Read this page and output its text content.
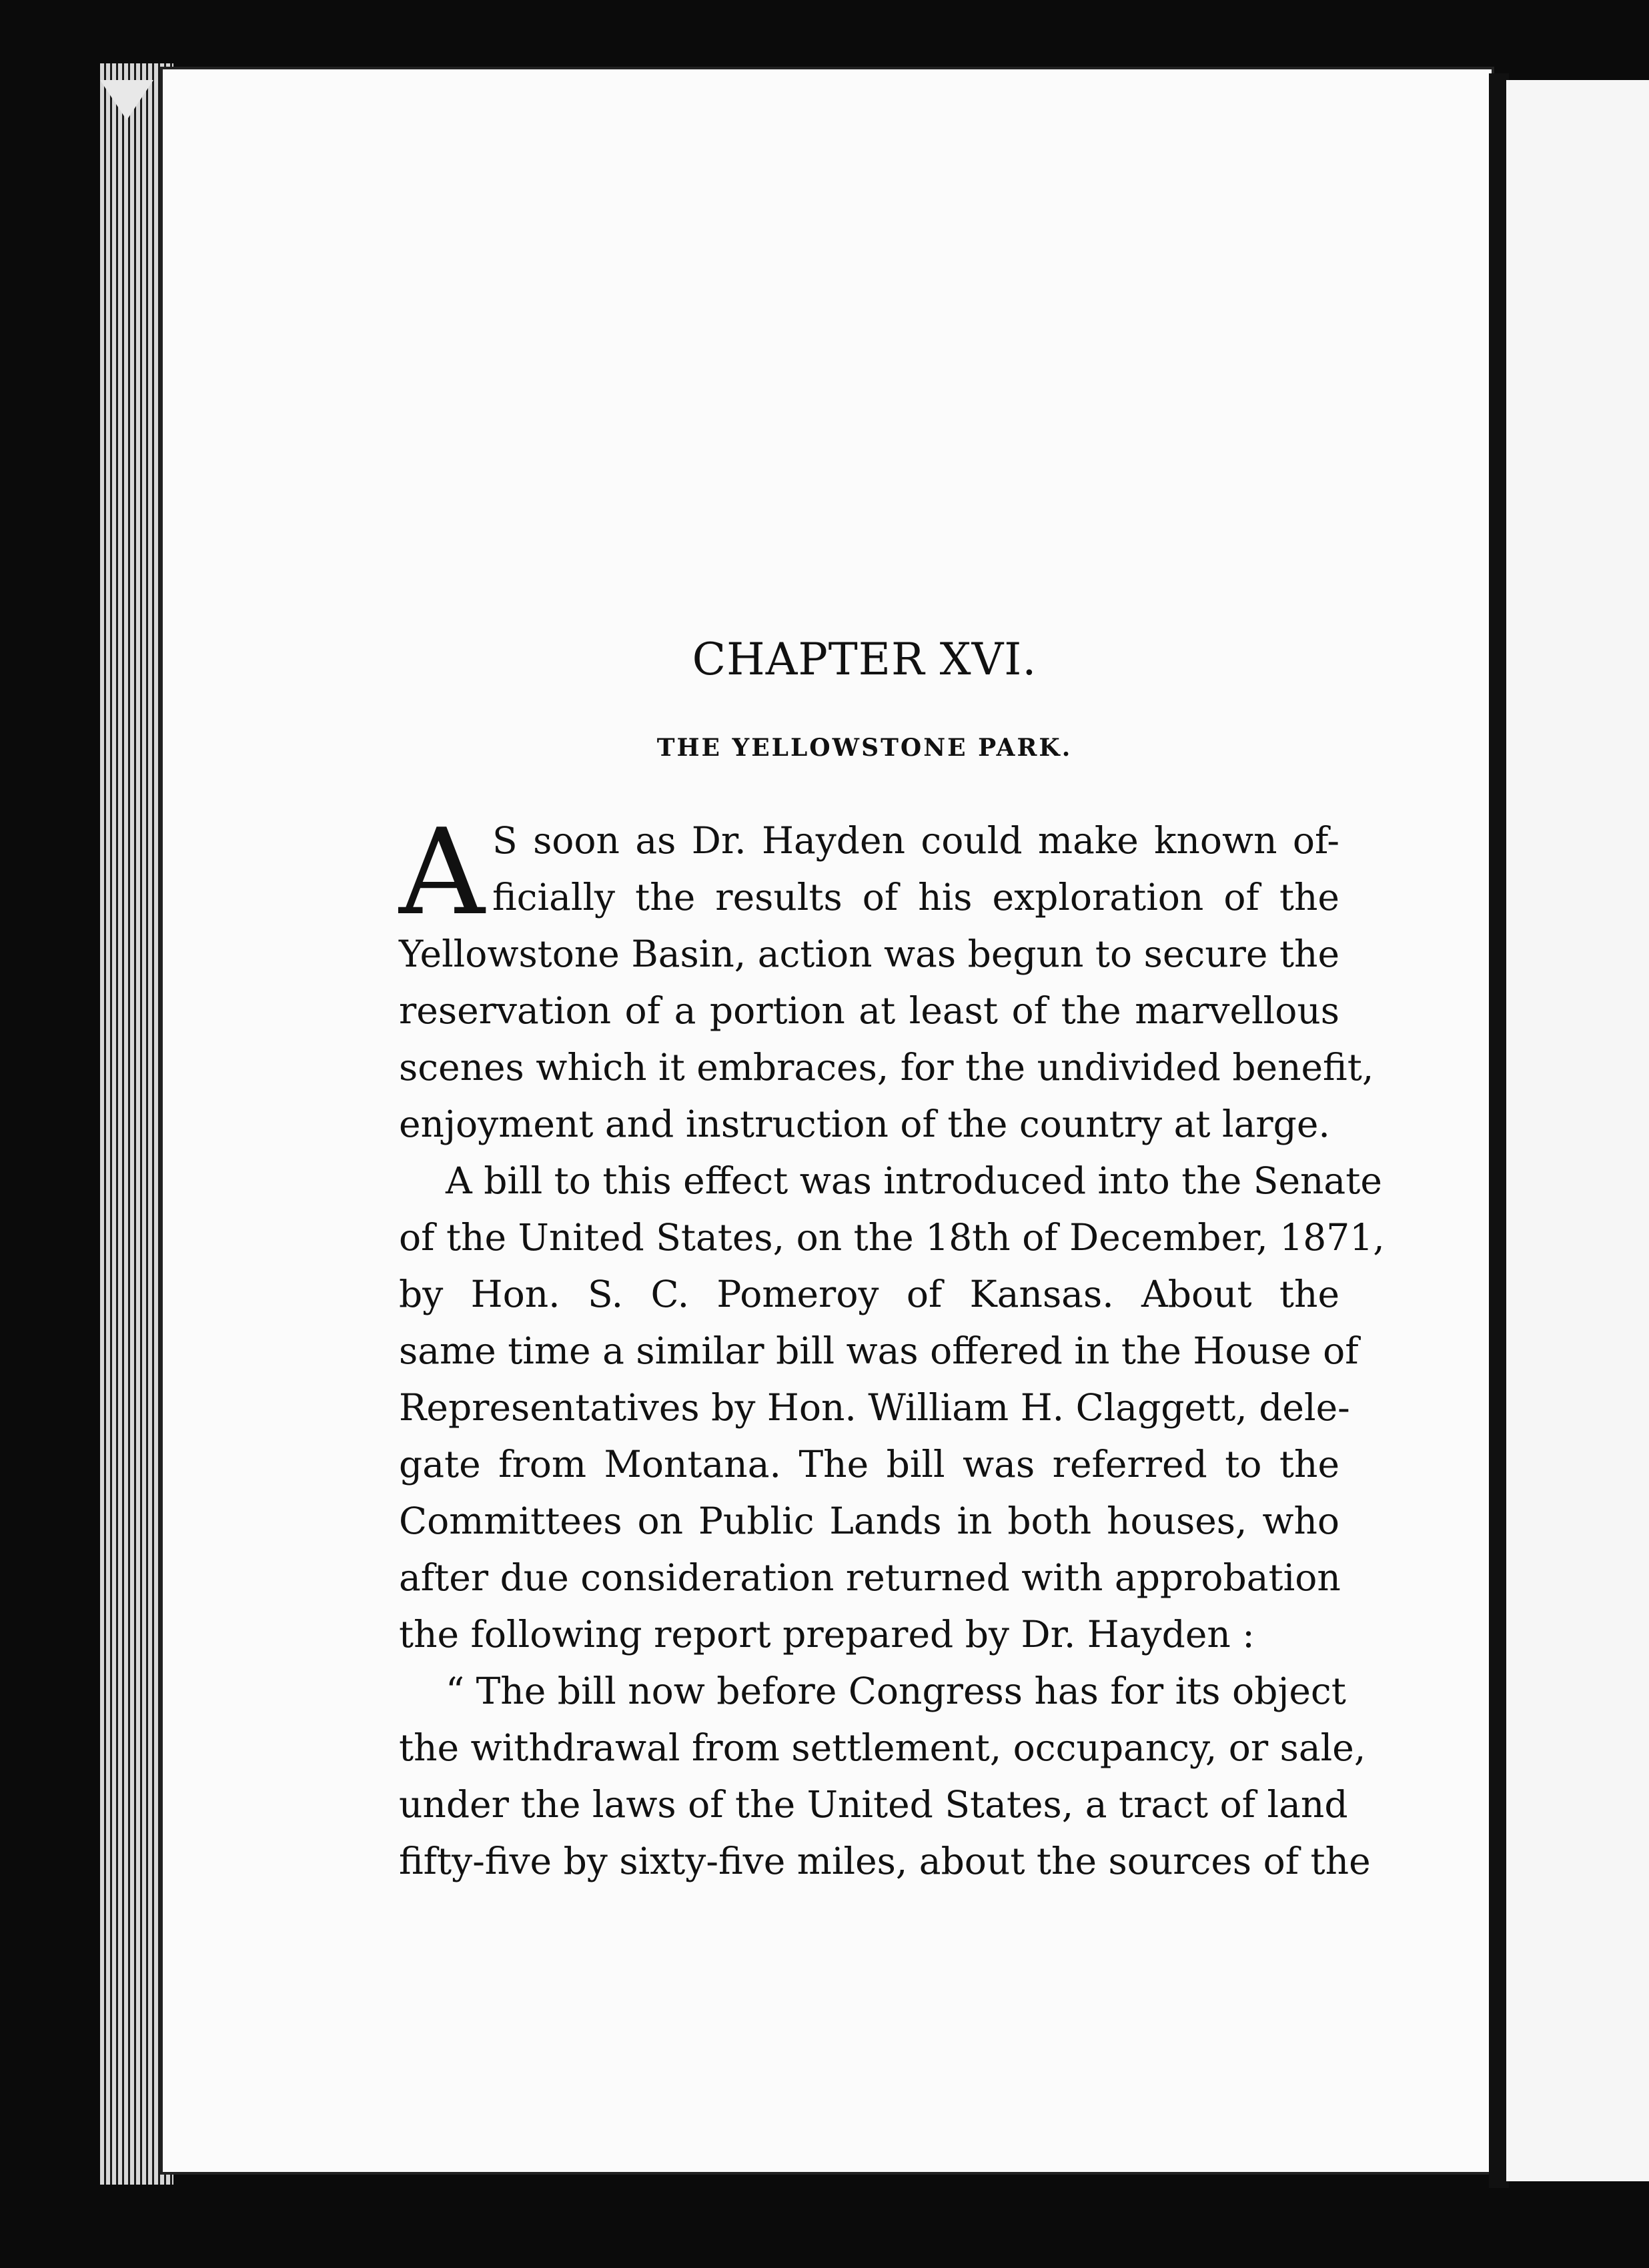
CHAPTER XVI.
THE YELLOWSTONE PARK.
A S soon as Dr. Hayden could make known of-
ficially the results of his exploration of the
Yellowstone Basin, action was begun to secure the
reservation of a portion at least of the marvellous
scenes which it embraces, for the undivided benefit,
enjoyment and instruction of the country at large.
A bill to this effect was introduced into the Senate
of the United States, on the 18th of December, 1871,
by Hon. S. C. Pomeroy of Kansas. About the
same time a similar bill was offered in the House of
Representatives by Hon. William H. Claggett, dele-
gate from Montana. The bill was referred to the
Committees on Public Lands in both houses, who
after due consideration returned with approbation
the following report prepared by Dr. Hayden :
“ The bill now before Congress has for its object
the withdrawal from settlement, occupancy, or sale,
under the laws of the United States, a tract of land
fifty-five by sixty-five miles, about the sources of the
